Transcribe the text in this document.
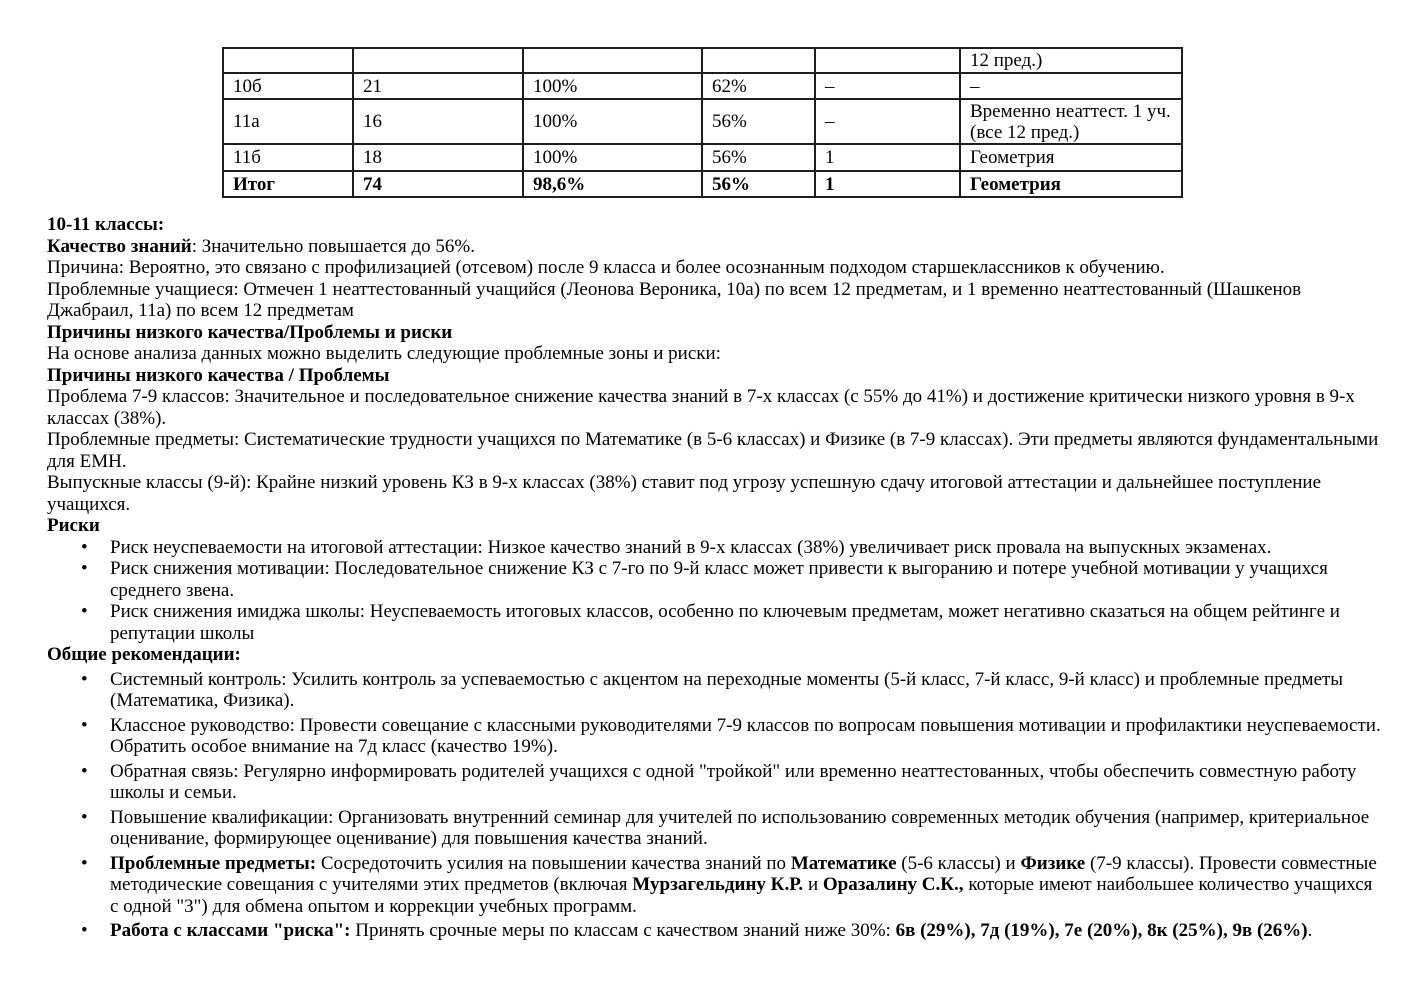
					12 пред.)
10б	21	100%	62%	–	–
11а	16	100%	56%	–	Временно неаттест. 1 уч. (все 12 пред.)
11б	18	100%	56%	1	Геометрия
Итог	74	98,6%	56%	1	Геометрия
10-11 классы:
Качество знаний: Значительно повышается до 56%.
Причина: Вероятно, это связано с профилизацией (отсевом) после 9 класса и более осознанным подходом старшеклассников к обучению.
Проблемные учащиеся: Отмечен 1 неаттестованный учащийся (Леонова Вероника, 10а) по всем 12 предметам, и 1 временно неаттестованный (Шашкенов Джабраил, 11а) по всем 12 предметам
Причины низкого качества/Проблемы и риски
На основе анализа данных можно выделить следующие проблемные зоны и риски:
Причины низкого качества / Проблемы
Проблема 7-9 классов: Значительное и последовательное снижение качества знаний в 7-х классах (с 55% до 41%) и достижение критически низкого уровня в 9-х классах (38%).
Проблемные предметы: Систематические трудности учащихся по Математике (в 5-6 классах) и Физике (в 7-9 классах). Эти предметы являются фундаментальными для ЕМН.
Выпускные классы (9-й): Крайне низкий уровень КЗ в 9-х классах (38%) ставит под угрозу успешную сдачу итоговой аттестации и дальнейшее поступление учащихся.
Риски
• Риск неуспеваемости на итоговой аттестации: Низкое качество знаний в 9-х классах (38%) увеличивает риск провала на выпускных экзаменах.
• Риск снижения мотивации: Последовательное снижение КЗ с 7-го по 9-й класс может привести к выгоранию и потере учебной мотивации у учащихся среднего звена.
• Риск снижения имиджа школы: Неуспеваемость итоговых классов, особенно по ключевым предметам, может негативно сказаться на общем рейтинге и репутации школы
Общие рекомендации:
• Системный контроль: Усилить контроль за успеваемостью с акцентом на переходные моменты (5-й класс, 7-й класс, 9-й класс) и проблемные предметы (Математика, Физика).
• Классное руководство: Провести совещание с классными руководителями 7-9 классов по вопросам повышения мотивации и профилактики неуспеваемости. Обратить особое внимание на 7д класс (качество 19%).
• Обратная связь: Регулярно информировать родителей учащихся с одной "тройкой" или временно неаттестованных, чтобы обеспечить совместную работу школы и семьи.
• Повышение квалификации: Организовать внутренний семинар для учителей по использованию современных методик обучения (например, критериальное оценивание, формирующее оценивание) для повышения качества знаний.
• Проблемные предметы: Сосредоточить усилия на повышении качества знаний по Математике (5-6 классы) и Физике (7-9 классы). Провести совместные методические совещания с учителями этих предметов (включая Мурзагельдину К.Р. и Оразалину С.К., которые имеют наибольшее количество учащихся с одной "3") для обмена опытом и коррекции учебных программ.
• Работа с классами "риска": Принять срочные меры по классам с качеством знаний ниже 30%: 6в (29%), 7д (19%), 7е (20%), 8к (25%), 9в (26%).
